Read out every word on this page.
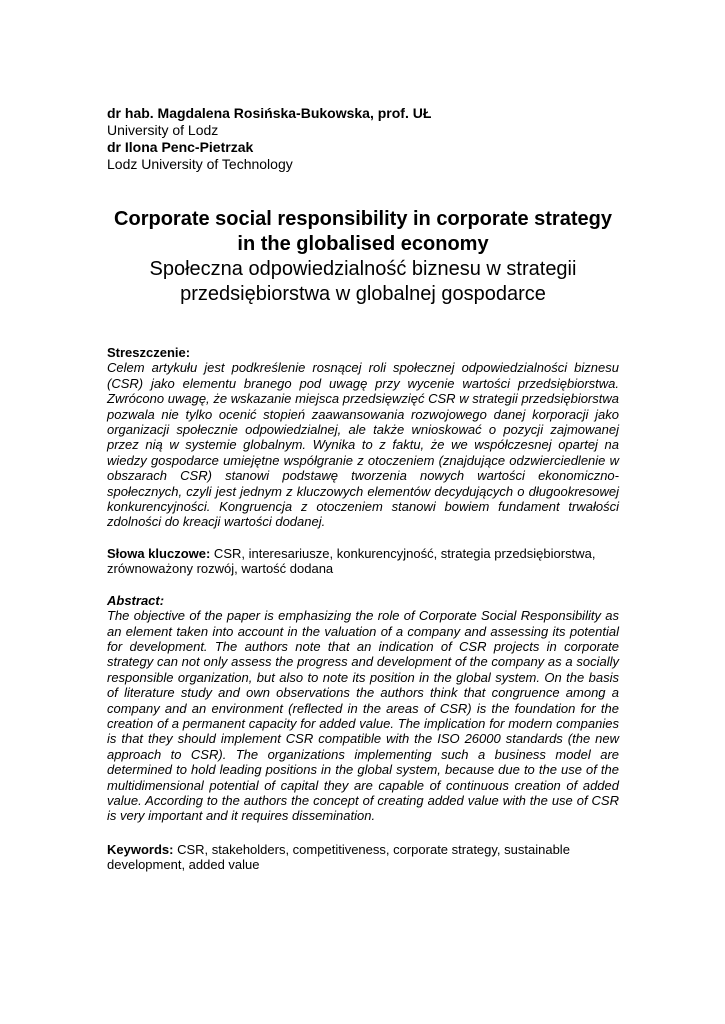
dr hab. Magdalena Rosińska-Bukowska, prof. UŁ
University of Lodz
dr Ilona Penc-Pietrzak
Lodz University of Technology
Corporate social responsibility in corporate strategy in the globalised economy
Społeczna odpowiedzialność biznesu w strategii przedsiębiorstwa w globalnej gospodarce
Streszczenie:
Celem artykułu jest podkreślenie rosnącej roli społecznej odpowiedzialności biznesu (CSR) jako elementu branego pod uwagę przy wycenie wartości przedsiębiorstwa. Zwrócono uwagę, że wskazanie miejsca przedsięwzięć CSR w strategii przedsiębiorstwa pozwala nie tylko ocenić stopień zaawansowania rozwojowego danej korporacji jako organizacji społecznie odpowiedzialnej, ale także wnioskować o pozycji zajmowanej przez nią w systemie globalnym. Wynika to z faktu, że we współczesnej opartej na wiedzy gospodarce umiejętne współgranie z otoczeniem (znajdujące odzwierciedlenie w obszarach CSR) stanowi podstawę tworzenia nowych wartości ekonomiczno-społecznych, czyli jest jednym z kluczowych elementów decydujących o długookresowej konkurencyjności. Kongruencja z otoczeniem stanowi bowiem fundament trwałości zdolności do kreacji wartości dodanej.
Słowa kluczowe: CSR, interesariusze, konkurencyjność, strategia przedsiębiorstwa, zrównoważony rozwój, wartość dodana
Abstract:
The objective of the paper is emphasizing the role of Corporate Social Responsibility as an element taken into account in the valuation of a company and assessing its potential for development. The authors note that an indication of CSR projects in corporate strategy can not only assess the progress and development of the company as a socially responsible organization, but also to note its position in the global system. On the basis of literature study and own observations the authors think that congruence among a company and an environment (reflected in the areas of CSR) is the foundation for the creation of a permanent capacity for added value. The implication for modern companies is that they should implement CSR compatible with the ISO 26000 standards (the new approach to CSR). The organizations implementing such a business model are determined to hold leading positions in the global system, because due to the use of the multidimensional potential of capital they are capable of continuous creation of added value. According to the authors the concept of creating added value with the use of CSR is very important and it requires dissemination.
Keywords: CSR, stakeholders, competitiveness, corporate strategy, sustainable development, added value
